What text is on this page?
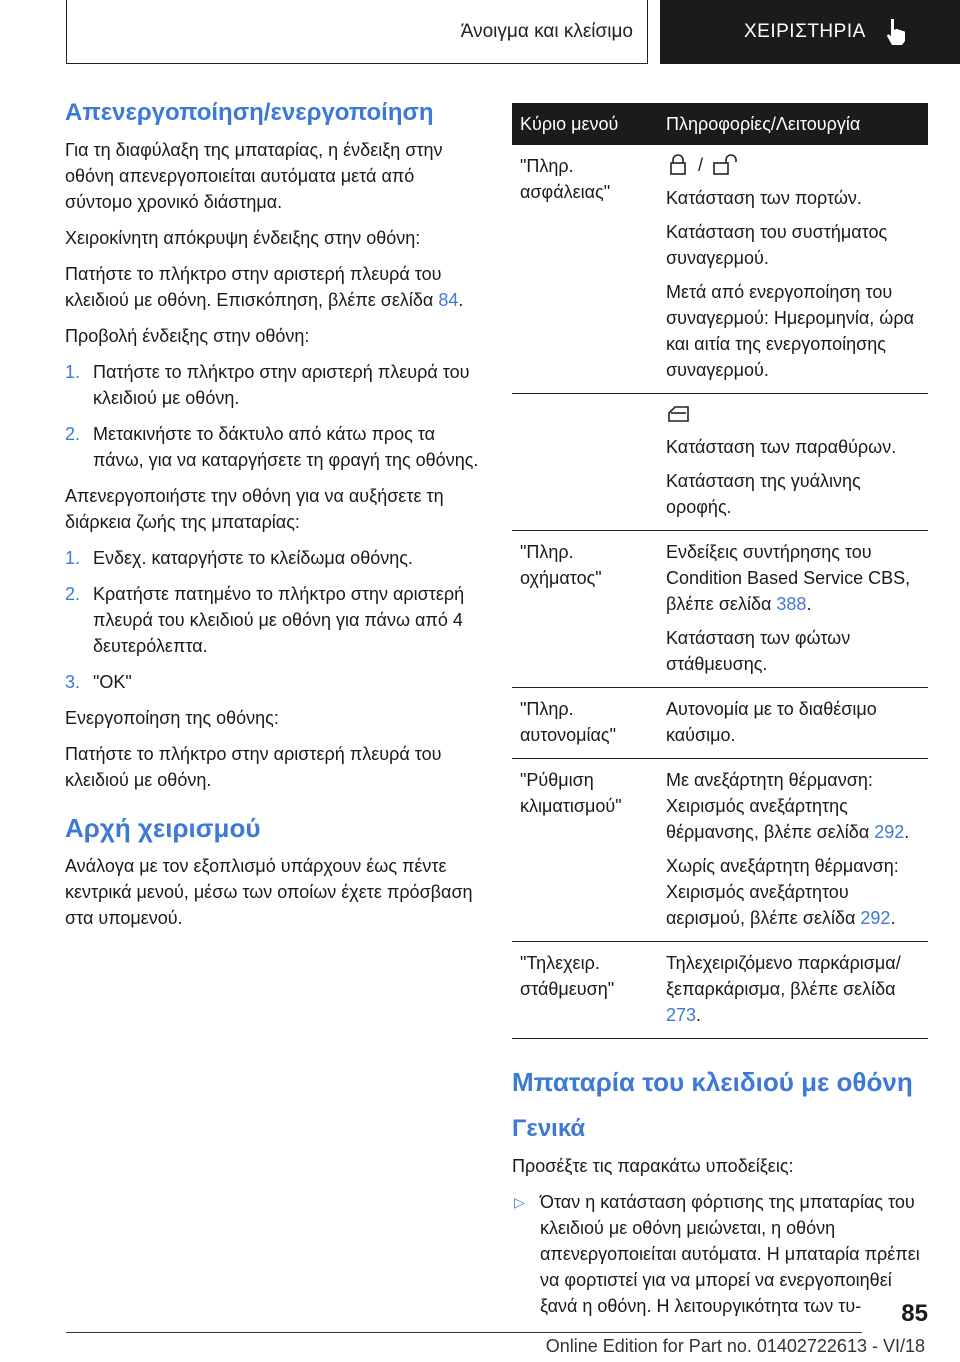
Άνοιγμα και κλείσιμο	ΧΕΙΡΙΣΤΗΡΙΑ
Απενεργοποίηση/ενεργοποίηση

Για τη διαφύλαξη της μπαταρίας, η ένδειξη στην οθόνη απενεργοποιείται αυτόματα μετά από σύντομο χρονικό διάστημα.

Χειροκίνητη απόκρυψη ένδειξης στην οθόνη:

Πατήστε το πλήκτρο στην αριστερή πλευρά του κλειδιού με οθόνη. Επισκόπηση, βλέπε σελίδα 84.

Προβολή ένδειξης στην οθόνη:

1. Πατήστε το πλήκτρο στην αριστερή πλευρά του κλειδιού με οθόνη.
2. Μετακινήστε το δάκτυλο από κάτω προς τα πάνω, για να καταργήσετε τη φραγή της οθόνης.

Απενεργοποιήστε την οθόνη για να αυξήσετε τη διάρκεια ζωής της μπαταρίας:

1. Ενδεχ. καταργήστε το κλείδωμα οθόνης.
2. Κρατήστε πατημένο το πλήκτρο στην αριστερή πλευρά του κλειδιού με οθόνη για πάνω από 4 δευτερόλεπτα.
3. "OK"

Ενεργοποίηση της οθόνης:

Πατήστε το πλήκτρο στην αριστερή πλευρά του κλειδιού με οθόνη.

Αρχή χειρισμού

Ανάλογα με τον εξοπλισμό υπάρχουν έως πέντε κεντρικά μενού, μέσω των οποίων έχετε πρόσβαση στα υπομενού.

Κύριο μενού	Πληροφορίες/Λειτουργία
"Πληρ. ασφάλειας"	/

Κατάσταση των πορτών.

Κατάσταση του συστήματος συναγερμού.

Μετά από ενεργοποίηση του συναγερμού: Ημερομηνία, ώρα και αιτία της ενεργοποίησης συναγερμού.

	Κατάσταση των παραθύρων.

Κατάσταση της γυάλινης οροφής.

"Πληρ. οχήματος"	Ενδείξεις συντήρησης του Condition Based Service CBS, βλέπε σελίδα 388.

Κατάσταση των φώτων στάθμευσης.

"Πληρ. αυτονομίας"	Αυτονομία με το διαθέσιμο καύσιμο.

"Ρύθμιση κλιματισμού"	Με ανεξάρτητη θέρμανση: Χειρισμός ανεξάρτητης θέρμανσης, βλέπε σελίδα 292.

Χωρίς ανεξάρτητη θέρμανση: Χειρισμός ανεξάρτητου αερισμού, βλέπε σελίδα 292.

"Τηλεχειρ. στάθμευση"	Τηλεχειριζόμενο παρκάρισμα/ξεπαρκάρισμα, βλέπε σελίδα 273.

Μπαταρία του κλειδιού με οθόνη
Γενικά

Προσέξτε τις παρακάτω υποδείξεις:

▷ Όταν η κατάσταση φόρτισης της μπαταρίας του κλειδιού με οθόνη μειώνεται, η οθόνη απενεργοποιείται αυτόματα. Η μπαταρία πρέπει να φορτιστεί για να μπορεί να ενεργοποιηθεί ξανά η οθόνη. Η λειτουργικότητα των τυ-	85
Online Edition for Part no. 01402722613 - VI/18
